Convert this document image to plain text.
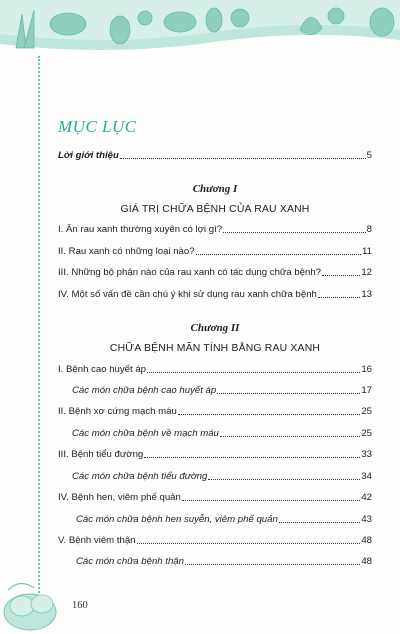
MỤC LỤC
Lời giới thiệu	5
Chương I
GIÁ TRỊ CHỮA BỆNH CỦA RAU XANH
I. Ăn rau xanh thường xuyên có lợi gì?	8
II. Rau xanh có những loại nào?	11
III. Những bộ phận nào của rau xanh có tác dụng chữa bệnh?	12
IV. Một số vấn đề cần chú ý khi sử dụng rau xanh chữa bệnh	13
Chương II
CHỮA BỆNH MÃN TÍNH BẰNG RAU XANH
I. Bệnh cao huyết áp	16
Các món chữa bệnh cao huyết áp	17
II. Bệnh xơ cứng mạch máu	25
Các món chữa bệnh về mạch máu	25
III. Bệnh tiểu đường	33
Các món chữa bệnh tiểu đường	34
IV. Bệnh hen, viêm phế quản	42
Các món chữa bệnh hen suyễn, viêm phế quản	43
V. Bệnh viêm thận	48
Các món chữa bệnh thận	48
160
